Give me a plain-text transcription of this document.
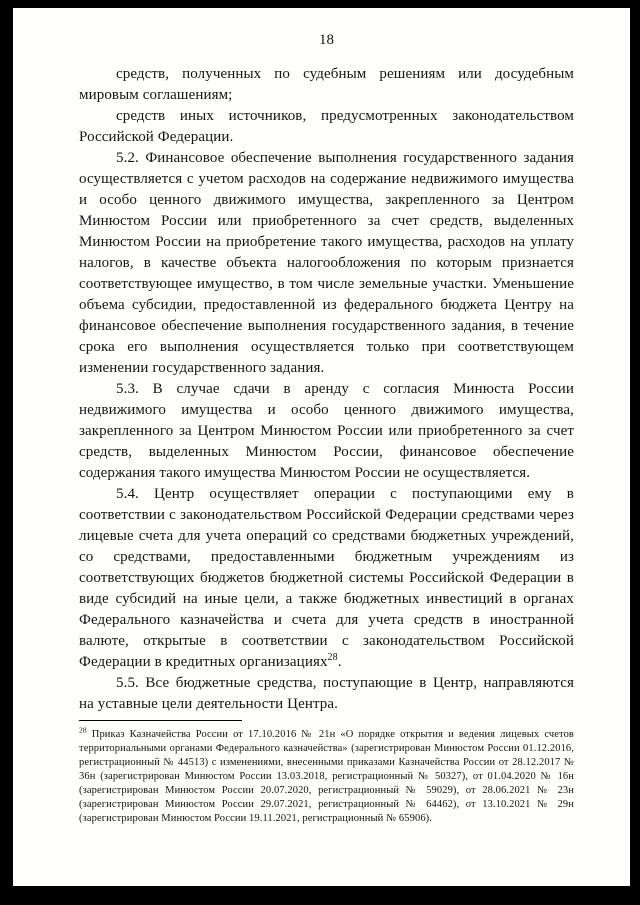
18

средств, полученных по судебным решениям или досудебным мировым соглашениям;

средств иных источников, предусмотренных законодательством Российской Федерации.

5.2. Финансовое обеспечение выполнения государственного задания осуществляется с учетом расходов на содержание недвижимого имущества и особо ценного движимого имущества, закрепленного за Центром Минюстом России или приобретенного за счет средств, выделенных Минюстом России на приобретение такого имущества, расходов на уплату налогов, в качестве объекта налогообложения по которым признается соответствующее имущество, в том числе земельные участки. Уменьшение объема субсидии, предоставленной из федерального бюджета Центру на финансовое обеспечение выполнения государственного задания, в течение срока его выполнения осуществляется только при соответствующем изменении государственного задания.

5.3. В случае сдачи в аренду с согласия Минюста России недвижимого имущества и особо ценного движимого имущества, закрепленного за Центром Минюстом России или приобретенного за счет средств, выделенных Минюстом России, финансовое обеспечение содержания такого имущества Минюстом России не осуществляется.

5.4. Центр осуществляет операции с поступающими ему в соответствии с законодательством Российской Федерации средствами через лицевые счета для учета операций со средствами бюджетных учреждений, со средствами, предоставленными бюджетным учреждениям из соответствующих бюджетов бюджетной системы Российской Федерации в виде субсидий на иные цели, а также бюджетных инвестиций в органах Федерального казначейства и счета для учета средств в иностранной валюте, открытые в соответствии с законодательством Российской Федерации в кредитных организациях$^{28}$.

5.5. Все бюджетные средства, поступающие в Центр, направляются на уставные цели деятельности Центра.

$^{28}$ Приказ Казначейства России от 17.10.2016 № 21н «О порядке открытия и ведения лицевых счетов территориальными органами Федерального казначейства» (зарегистрирован Минюстом России 01.12.2016, регистрационный № 44513) с изменениями, внесенными приказами Казначейства России от 28.12.2017 № 36н (зарегистрирован Минюстом России 13.03.2018, регистрационный № 50327), от 01.04.2020 № 16н (зарегистрирован Минюстом России 20.07.2020, регистрационный № 59029), от 28.06.2021 № 23н (зарегистрирован Минюстом России 29.07.2021, регистрационный № 64462), от 13.10.2021 № 29н (зарегистрирован Минюстом России 19.11.2021, регистрационный № 65906).
